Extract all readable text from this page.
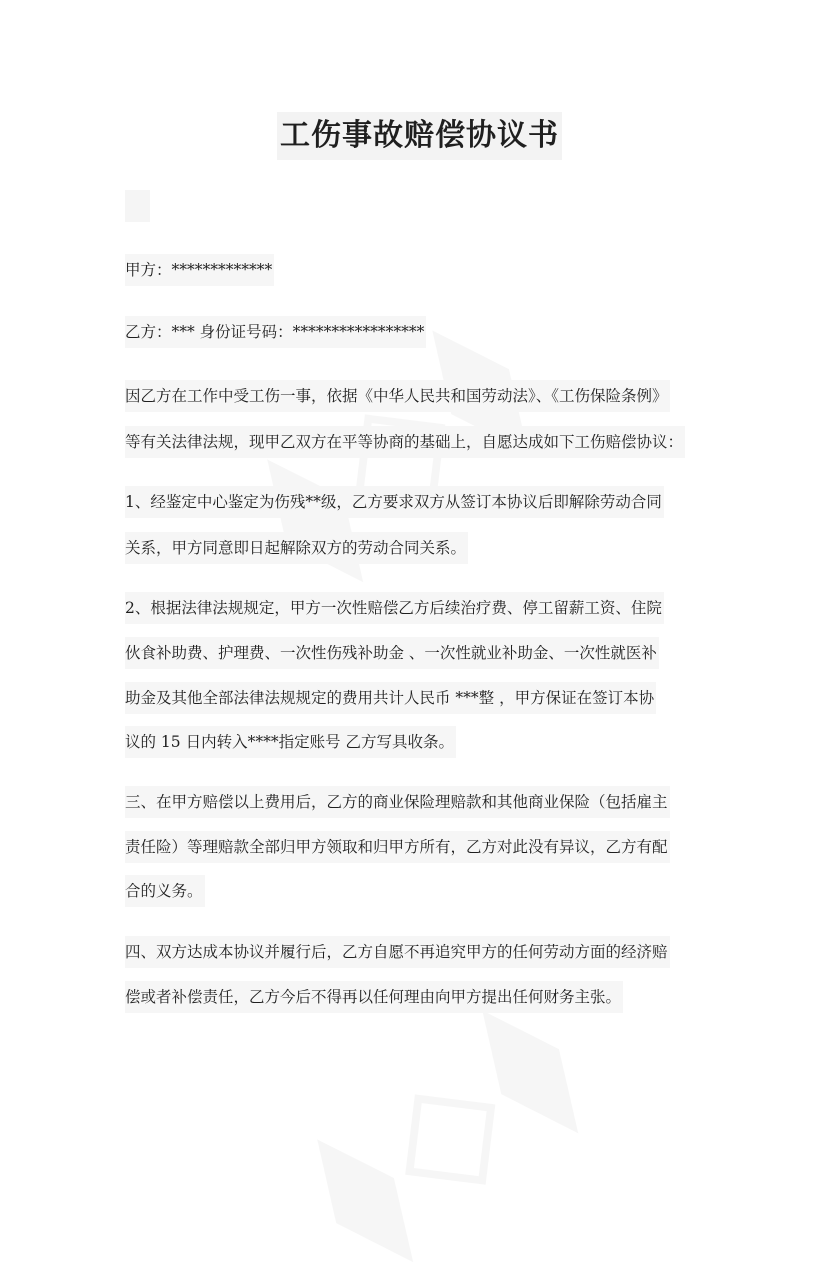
工伤事故赔偿协议书
甲方：*************
乙方：*** 身份证号码：*****************
因乙方在工作中受工伤一事，依据《中华人民共和国劳动法》、《工伤保险条例》
等有关法律法规，现甲乙双方在平等协商的基础上，自愿达成如下工伤赔偿协议：
1、经鉴定中心鉴定为伤残**级，乙方要求双方从签订本协议后即解除劳动合同
关系，甲方同意即日起解除双方的劳动合同关系。
2、根据法律法规规定，甲方一次性赔偿乙方后续治疗费、停工留薪工资、住院
伙食补助费、护理费、一次性伤残补助金 、一次性就业补助金、一次性就医补
助金及其他全部法律法规规定的费用共计人民币 ***整 ，甲方保证在签订本协
议的 15 日内转入****指定账号 乙方写具收条。
三、在甲方赔偿以上费用后，乙方的商业保险理赔款和其他商业保险（包括雇主
责任险）等理赔款全部归甲方领取和归甲方所有，乙方对此没有异议，乙方有配
合的义务。
四、双方达成本协议并履行后，乙方自愿不再追究甲方的任何劳动方面的经济赔
偿或者补偿责任，乙方今后不得再以任何理由向甲方提出任何财务主张。
